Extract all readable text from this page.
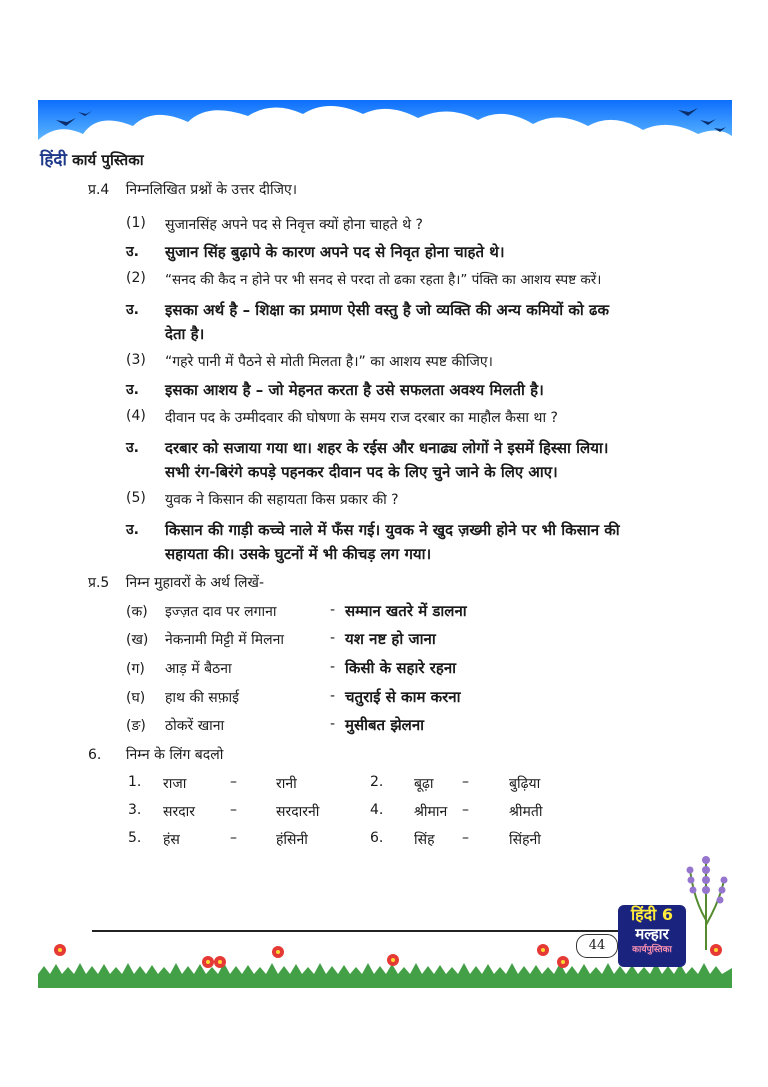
हिंदी कार्य पुस्तिका
प्र.4 निम्नलिखित प्रश्नों के उत्तर दीजिए।
(1) सुजानसिंह अपने पद से निवृत्त क्यों होना चाहते थे ?
उ. सुजान सिंह बुढ़ापे के कारण अपने पद से निवृत होना चाहते थे।
(2) “सनद की कैद न होने पर भी सनद से परदा तो ढका रहता है।” पंक्ति का आशय स्पष्ट करें।
उ. इसका अर्थ है – शिक्षा का प्रमाण ऐसी वस्तु है जो व्यक्ति की अन्य कमियों को ढक
देता है।
(3) “गहरे पानी में पैठने से मोती मिलता है।” का आशय स्पष्ट कीजिए।
उ. इसका आशय है – जो मेहनत करता है उसे सफलता अवश्य मिलती है।
(4) दीवान पद के उम्मीदवार की घोषणा के समय राज दरबार का माहौल कैसा था ?
उ. दरबार को सजाया गया था। शहर के रईस और धनाढ्य लोगों ने इसमें हिस्सा लिया।
सभी रंग-बिरंगे कपड़े पहनकर दीवान पद के लिए चुने जाने के लिए आए।
(5) युवक ने किसान की सहायता किस प्रकार की ?
उ. किसान की गाड़ी कच्चे नाले में फँस गई। युवक ने खुद ज़ख्मी होने पर भी किसान की
सहायता की। उसके घुटनों में भी कीचड़ लग गया।
प्र.5 निम्न मुहावरों के अर्थ लिखें-
(क) इज्ज़त दाव पर लगाना	- सम्मान खतरे में डालना
(ख) नेकनामी मिट्टी में मिलना	- यश नष्ट हो जाना
(ग) आड़ में बैठना	- किसी के सहारे रहना
(घ) हाथ की सफ़ाई	- चतुराई से काम करना
(ङ) ठोकरें खाना	- मुसीबत झेलना
6. निम्न के लिंग बदलो
1. राजा	–	रानी	2. बूढ़ा –	बुढ़िया
3. सरदार	–	सरदारनी	4. श्रीमान –	श्रीमती
5. हंस	–	हंसिनी	6. सिंह –	सिंहनी
44
हिंदी 6
मल्हार
कार्यपुस्तिका
